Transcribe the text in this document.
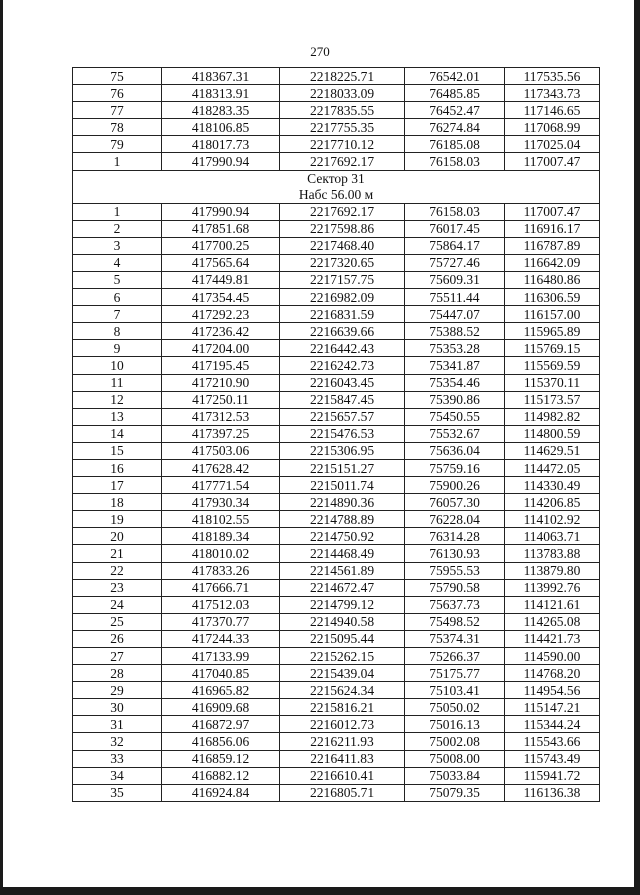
270
75	418367.31	2218225.71	76542.01	117535.56
76	418313.91	2218033.09	76485.85	117343.73
77	418283.35	2217835.55	76452.47	117146.65
78	418106.85	2217755.35	76274.84	117068.99
79	418017.73	2217710.12	76185.08	117025.04
1	417990.94	2217692.17	76158.03	117007.47

Сектор 31
Набс 56.00 м				

1	417990.94	2217692.17	76158.03	117007.47
2	417851.68	2217598.86	76017.45	116916.17
3	417700.25	2217468.40	75864.17	116787.89
4	417565.64	2217320.65	75727.46	116642.09
5	417449.81	2217157.75	75609.31	116480.86
6	417354.45	2216982.09	75511.44	116306.59
7	417292.23	2216831.59	75447.07	116157.00
8	417236.42	2216639.66	75388.52	115965.89
9	417204.00	2216442.43	75353.28	115769.15
10	417195.45	2216242.73	75341.87	115569.59
11	417210.90	2216043.45	75354.46	115370.11
12	417250.11	2215847.45	75390.86	115173.57
13	417312.53	2215657.57	75450.55	114982.82
14	417397.25	2215476.53	75532.67	114800.59
15	417503.06	2215306.95	75636.04	114629.51
16	417628.42	2215151.27	75759.16	114472.05
17	417771.54	2215011.74	75900.26	114330.49
18	417930.34	2214890.36	76057.30	114206.85
19	418102.55	2214788.89	76228.04	114102.92
20	418189.34	2214750.92	76314.28	114063.71
21	418010.02	2214468.49	76130.93	113783.88
22	417833.26	2214561.89	75955.53	113879.80
23	417666.71	2214672.47	75790.58	113992.76
24	417512.03	2214799.12	75637.73	114121.61
25	417370.77	2214940.58	75498.52	114265.08
26	417244.33	2215095.44	75374.31	114421.73
27	417133.99	2215262.15	75266.37	114590.00
28	417040.85	2215439.04	75175.77	114768.20
29	416965.82	2215624.34	75103.41	114954.56
30	416909.68	2215816.21	75050.02	115147.21
31	416872.97	2216012.73	75016.13	115344.24
32	416856.06	2216211.93	75002.08	115543.66
33	416859.12	2216411.83	75008.00	115743.49
34	416882.12	2216610.41	75033.84	115941.72
35	416924.84	2216805.71	75079.35	116136.38
